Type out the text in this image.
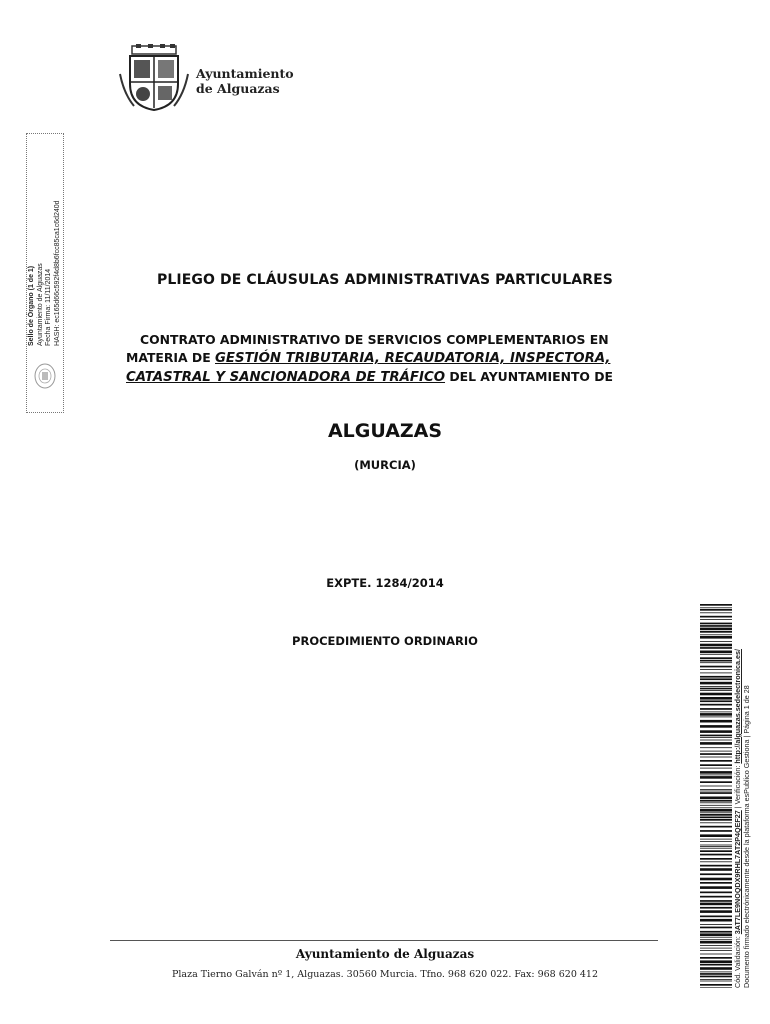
Ayuntamiento
de Alguazas
Sello de Órgano (1 de 1) Ayuntamiento de Alguazas Fecha Firma: 11/11/2014 HASH: ec165d66c592f4d8b6fcc85ca1c6d240d	PLIEGO DE CLÁUSULAS ADMINISTRATIVAS PARTICULARES
CONTRATO ADMINISTRATIVO DE SERVICIOS COMPLEMENTARIOS EN
MATERIA DE GESTIÓN TRIBUTARIA, RECAUDATORIA, INSPECTORA,
CATASTRAL Y SANCIONADORA DE TRÁFICO DEL AYUNTAMIENTO DE
ALGUAZAS
(MURCIA)
EXPTE. 1284/2014
PROCEDIMIENTO ORDINARIO
Ayuntamiento de Alguazas
Plaza Tierno Galván nº 1, Alguazas. 30560 Murcia. Tfno. 968 620 022. Fax: 968 620 412	Cód. Validación: 3AT7LE9NOQDX9RHL7AT2P4QEF27 | Verificación: http://alguazas.sedelectronica.es/ Documento firmado electrónicamente desde la plataforma esPublico Gestiona | Página 1 de 28
